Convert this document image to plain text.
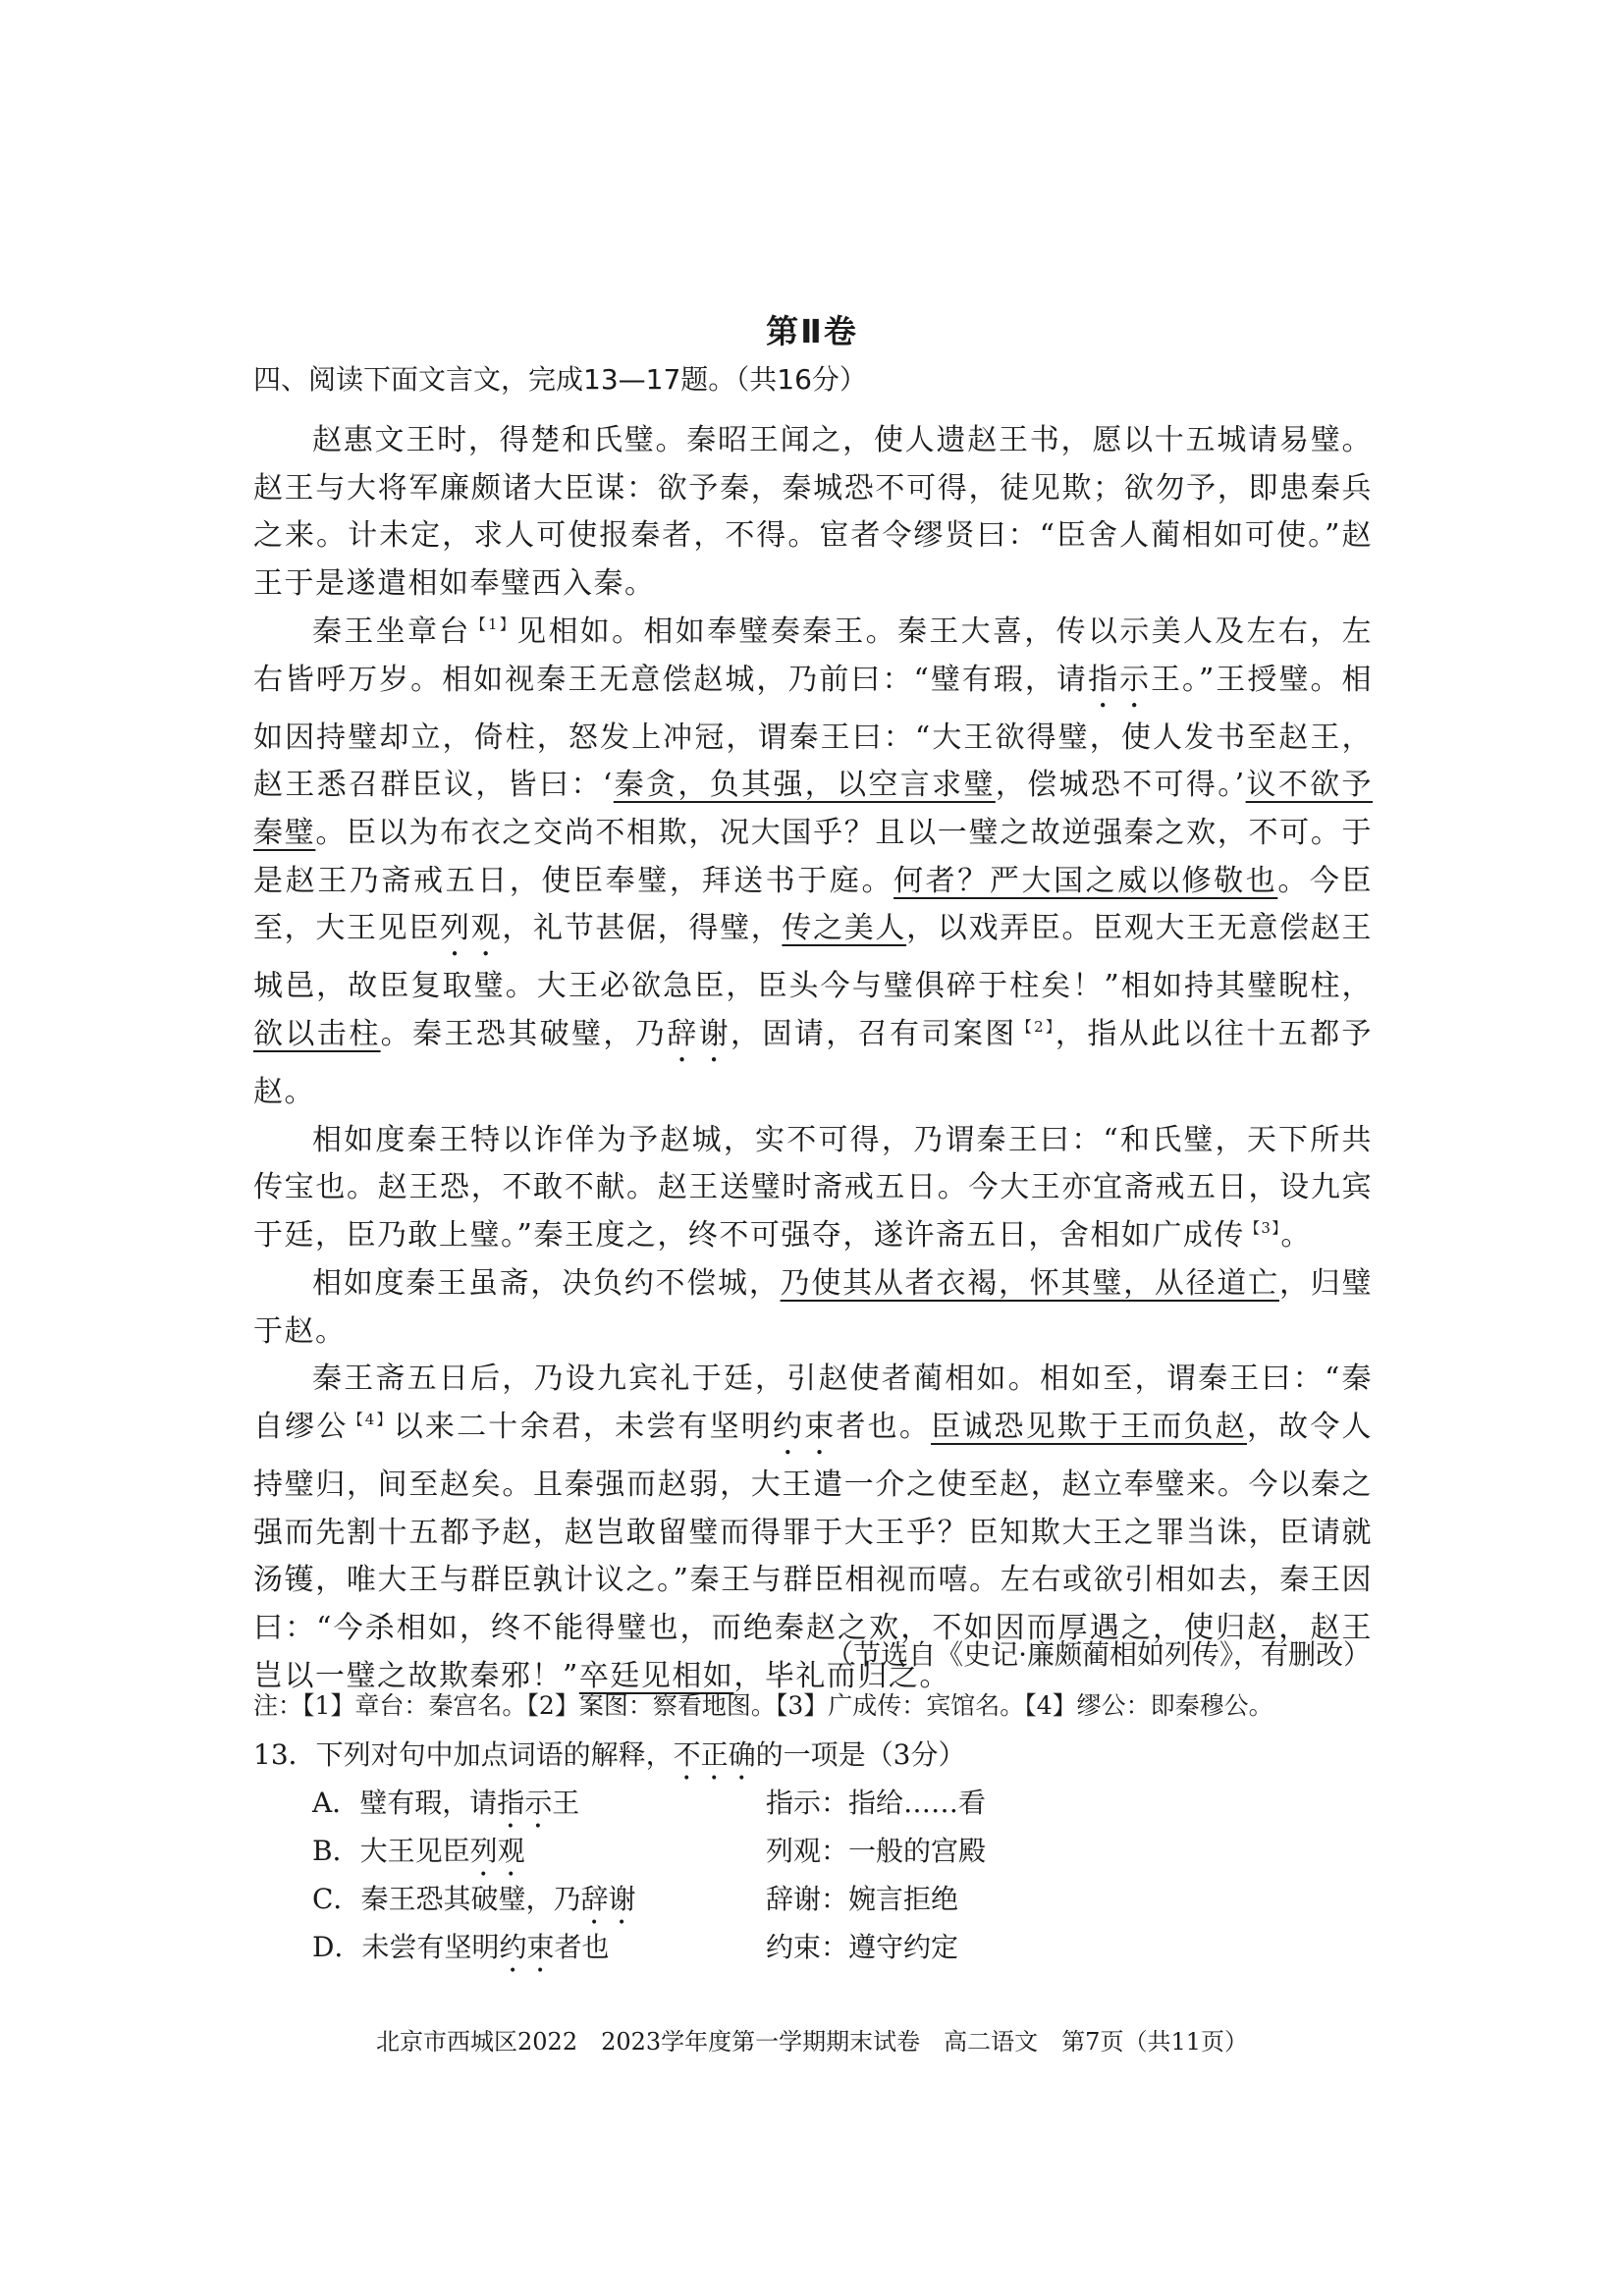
第Ⅱ卷
四、阅读下面文言文，完成13—17题。（共16分）

赵惠文王时，得楚和氏璧。秦昭王闻之，使人遗赵王书，愿以十五城请易璧。赵王与大将军廉颇诸大臣谋：欲予秦，秦城恐不可得，徒见欺；欲勿予，即患秦兵之来。计未定，求人可使报秦者，不得。宦者令缪贤曰：“臣舍人蔺相如可使。”赵王于是遂遣相如奉璧西入秦。

秦王坐章台$^{【1】}$见相如。相如奉璧奏秦王。秦王大喜，传以示美人及左右，左右皆呼万岁。相如视秦王无意偿赵城，乃前曰：“璧有瑕，请指示王。”王授璧。相如因持璧却立，倚柱，怒发上冲冠，谓秦王曰：“大王欲得璧，使人发书至赵王，赵王悉召群臣议，皆曰：‘秦贪，负其强，以空言求璧，偿城恐不可得。’议不欲予秦璧。臣以为布衣之交尚不相欺，况大国乎？且以一璧之故逆强秦之欢，不可。于是赵王乃斋戒五日，使臣奉璧，拜送书于庭。何者？严大国之威以修敬也。今臣至，大王见臣列观，礼节甚倨，得璧，传之美人，以戏弄臣。臣观大王无意偿赵王城邑，故臣复取璧。大王必欲急臣，臣头今与璧俱碎于柱矣！”相如持其璧睨柱，欲以击柱。秦王恐其破璧，乃辞谢，固请，召有司案图$^{【2】}$，指从此以往十五都予赵。

相如度秦王特以诈佯为予赵城，实不可得，乃谓秦王曰：“和氏璧，天下所共传宝也。赵王恐，不敢不献。赵王送璧时斋戒五日。今大王亦宜斋戒五日，设九宾于廷，臣乃敢上璧。”秦王度之，终不可强夺，遂许斋五日，舍相如广成传$^{【3】}$。

相如度秦王虽斋，决负约不偿城，乃使其从者衣褐，怀其璧，从径道亡，归璧于赵。

秦王斋五日后，乃设九宾礼于廷，引赵使者蔺相如。相如至，谓秦王曰：“秦自缪公$^{【4】}$以来二十余君，未尝有坚明约束者也。臣诚恐见欺于王而负赵，故令人持璧归，间至赵矣。且秦强而赵弱，大王遣一介之使至赵，赵立奉璧来。今以秦之强而先割十五都予赵，赵岂敢留璧而得罪于大王乎？臣知欺大王之罪当诛，臣请就汤镬，唯大王与群臣孰计议之。”秦王与群臣相视而嘻。左右或欲引相如去，秦王因曰：“今杀相如，终不能得璧也，而绝秦赵之欢，不如因而厚遇之，使归赵，赵王岂以一璧之故欺秦邪！”卒廷见相如，毕礼而归之。

（节选自《史记·廉颇蔺相如列传》，有删改）
注：【1】章台：秦宫名。【2】案图：察看地图。【3】广成传：宾馆名。【4】缪公：即秦穆公。
13．下列对句中加点词语的解释，不正确的一项是（3分）
A．璧有瑕，请指示王	指示：指给……看
B．大王见臣列观	列观：一般的宫殿
C．秦王恐其破璧，乃辞谢	辞谢：婉言拒绝
D．未尝有坚明约束者也	约束：遵守约定
北京市西城区2022　2023学年度第一学期期末试卷　高二语文　第7页（共11页）
